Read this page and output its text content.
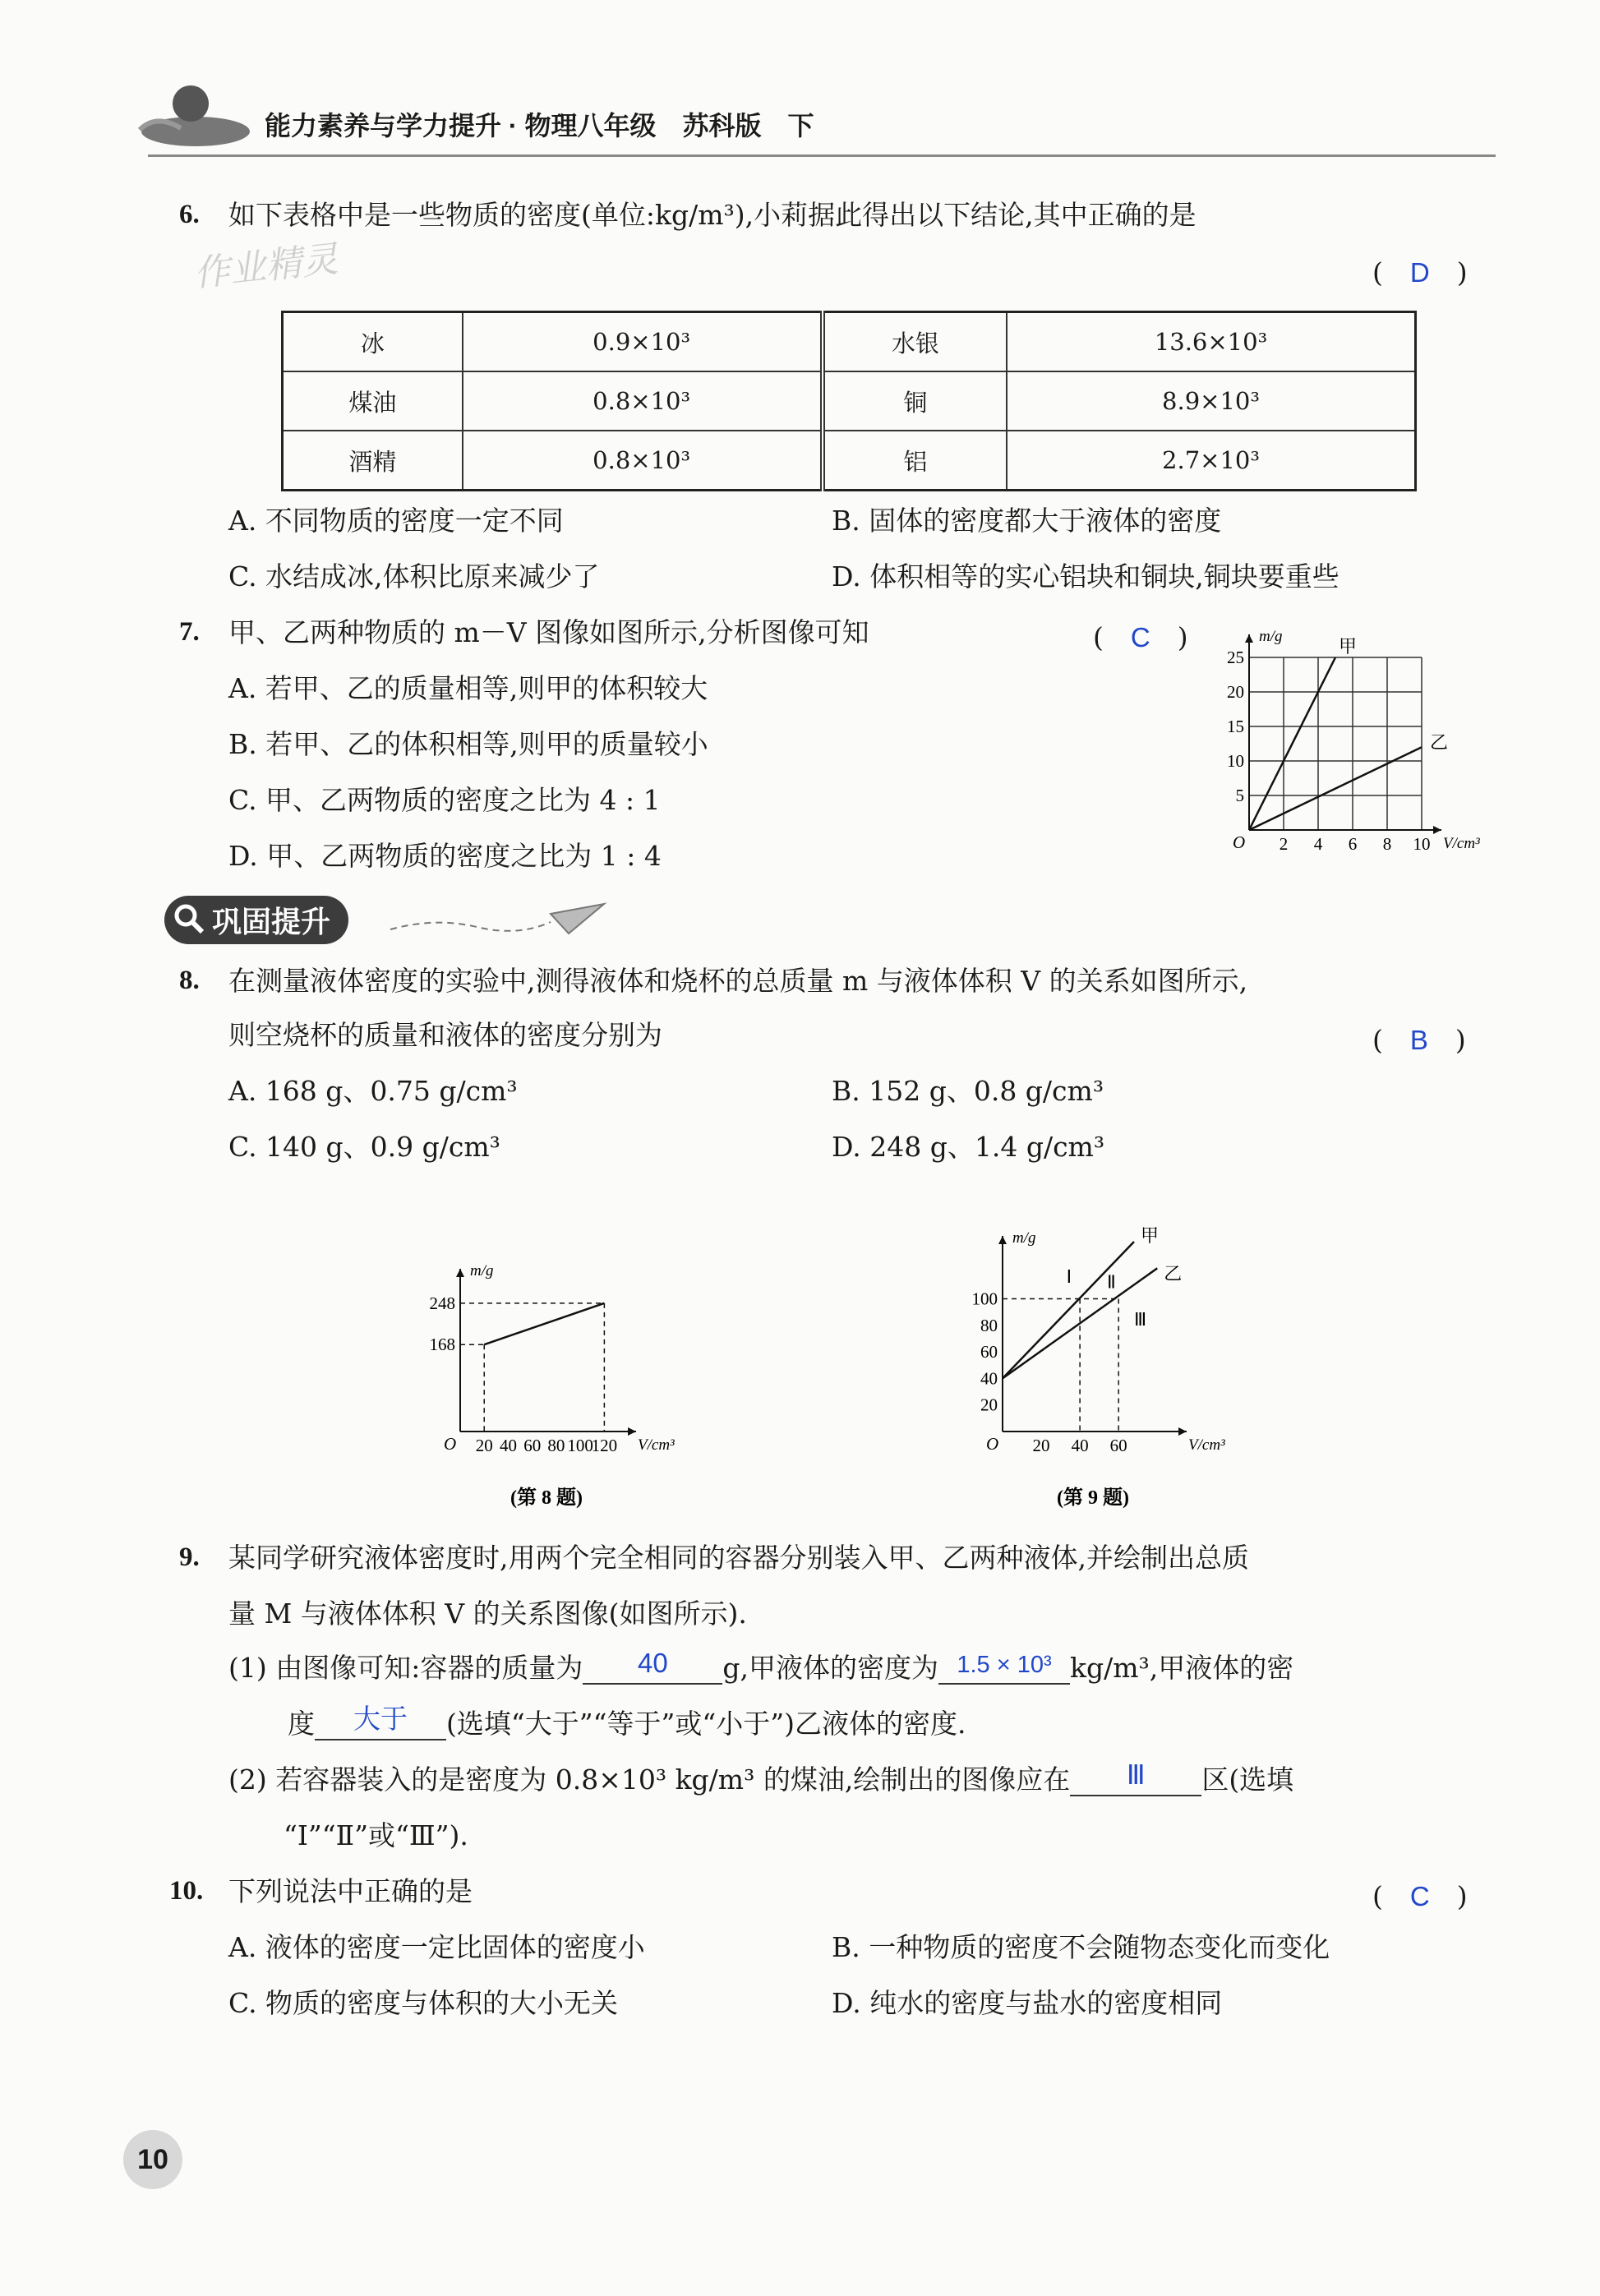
能力素养与学力提升 · 物理八年级　苏科版　下
作业精灵
6. 如下表格中是一些物质的密度(单位:kg/m³),小莉据此得出以下结论,其中正确的是
(　D　)
冰	0.9×10³	水银	13.6×10³
煤油	0.8×10³	铜	8.9×10³
酒精	0.8×10³	铝	2.7×10³
A. 不同物质的密度一定不同	B. 固体的密度都大于液体的密度
C. 水结成冰,体积比原来减少了	D. 体积相等的实心铝块和铜块,铜块要重些
7. 甲、乙两种物质的 m－V 图像如图所示,分析图像可知	(　C　)
A. 若甲、乙的质量相等,则甲的体积较大
B. 若甲、乙的体积相等,则甲的质量较小
C. 甲、乙两物质的密度之比为 4 : 1
D. 甲、乙两物质的密度之比为 1 : 4	O	V/cm³
m/g
2 4 6 8 10
5
10
15
20
25
甲
乙
巩固提升
8. 在测量液体密度的实验中,测得液体和烧杯的总质量 m 与液体体积 V 的关系如图所示,
则空烧杯的质量和液体的密度分别为	(　B　)
A. 168 g、0.75 g/cm³	B. 152 g、0.8 g/cm³
C. 140 g、0.9 g/cm³	D. 248 g、1.4 g/cm³
O	V/cm³
m/g
20 40 60 80 100
120
168
248
(第 8 题)
O	V/cm³
m/g
20 40 60
20
40
60
80
100
甲
乙
Ⅰ Ⅱ
Ⅲ
(第 9 题)
9. 某同学研究液体密度时,用两个完全相同的容器分别装入甲、乙两种液体,并绘制出总质
量 M 与液体体积 V 的关系图像(如图所示).
(1) 由图像可知:容器的质量为	40	g,甲液体的密度为 1.5 × 10³ kg/m³,甲液体的密
度	大于	(选填“大于”“等于”或“小于”)乙液体的密度.
(2) 若容器装入的是密度为 0.8×10³ kg/m³ 的煤油,绘制出的图像应在	Ⅲ	区(选填
“Ⅰ”“Ⅱ”或“Ⅲ”).
10. 下列说法中正确的是	(　C　)
A. 液体的密度一定比固体的密度小	B. 一种物质的密度不会随物态变化而变化
C. 物质的密度与体积的大小无关	D. 纯水的密度与盐水的密度相同
10
